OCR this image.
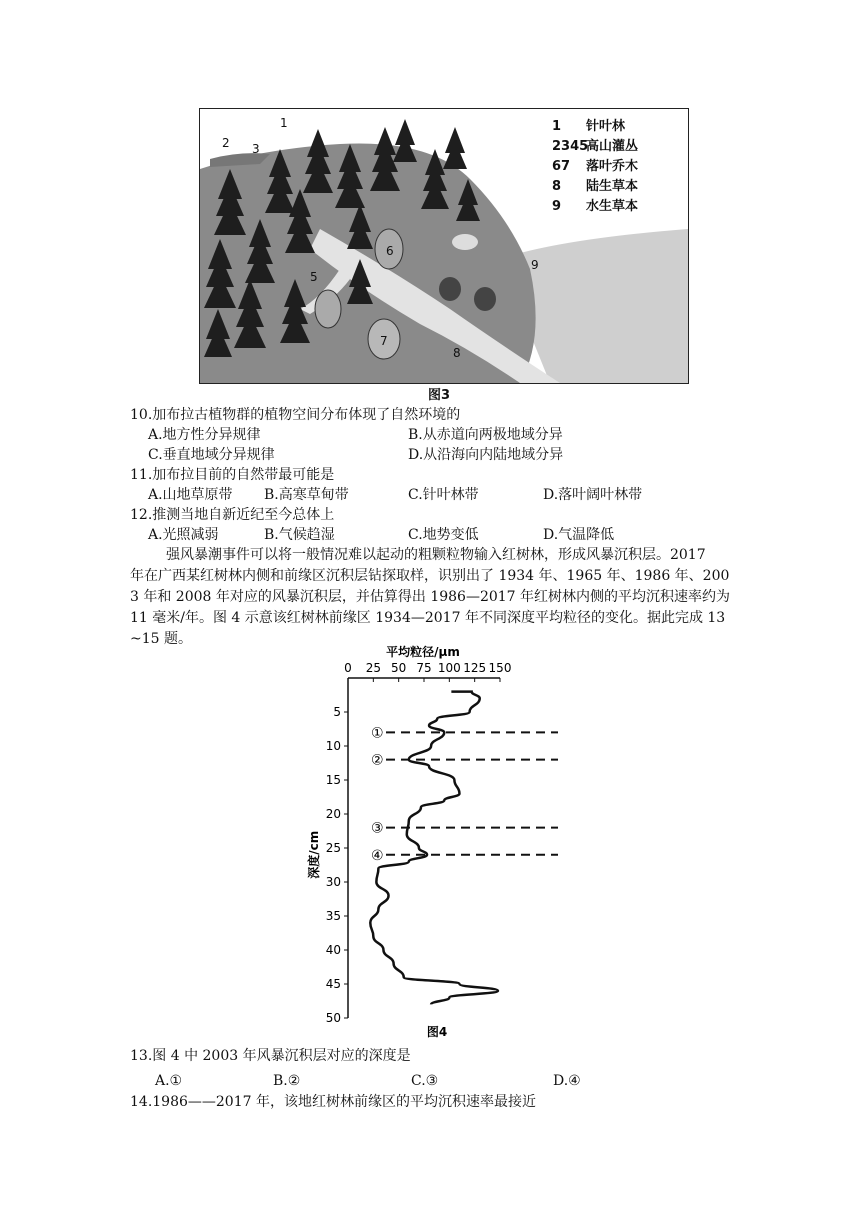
1
2 3
5
6
7
8
9
1 针叶林
2345高山灌丛
67 落叶乔木
8 陆生草本
9 水生草本
图3
10.加布拉古植物群的植物空间分布体现了自然环境的
A.地方性分异规律	B.从赤道向两极地域分异
C.垂直地域分异规律	D.从沿海向内陆地域分异
11.加布拉目前的自然带最可能是
A.山地草原带 B.高寒草甸带	C.针叶林带	D.落叶阔叶林带
12.推测当地自新近纪至今总体上
A.光照减弱	B.气候趋湿	C.地势变低	D.气温降低
强风暴潮事件可以将一般情况难以起动的粗颗粒物输入红树林，形成风暴沉积层。2017
年在广西某红树林内侧和前缘区沉积层钻探取样，识别出了 1934 年、1965 年、1986 年、200
3 年和 2008 年对应的风暴沉积层，并估算得出 1986—2017 年红树林内侧的平均沉积速率约为
11 毫米/年。图 4 示意该红树林前缘区 1934—2017 年不同深度平均粒径的变化。据此完成 13
~15 题。
平均粒径/μm
0 25 50 75 100 125 150
5
10
15
20
25
30
35
40
45
50
深度/cm
①
②
③
④
图4
13.图 4 中 2003 年风暴沉积层对应的深度是
A.①	B.②	C.③	D.④
14.1986——2017 年，该地红树林前缘区的平均沉积速率最接近
